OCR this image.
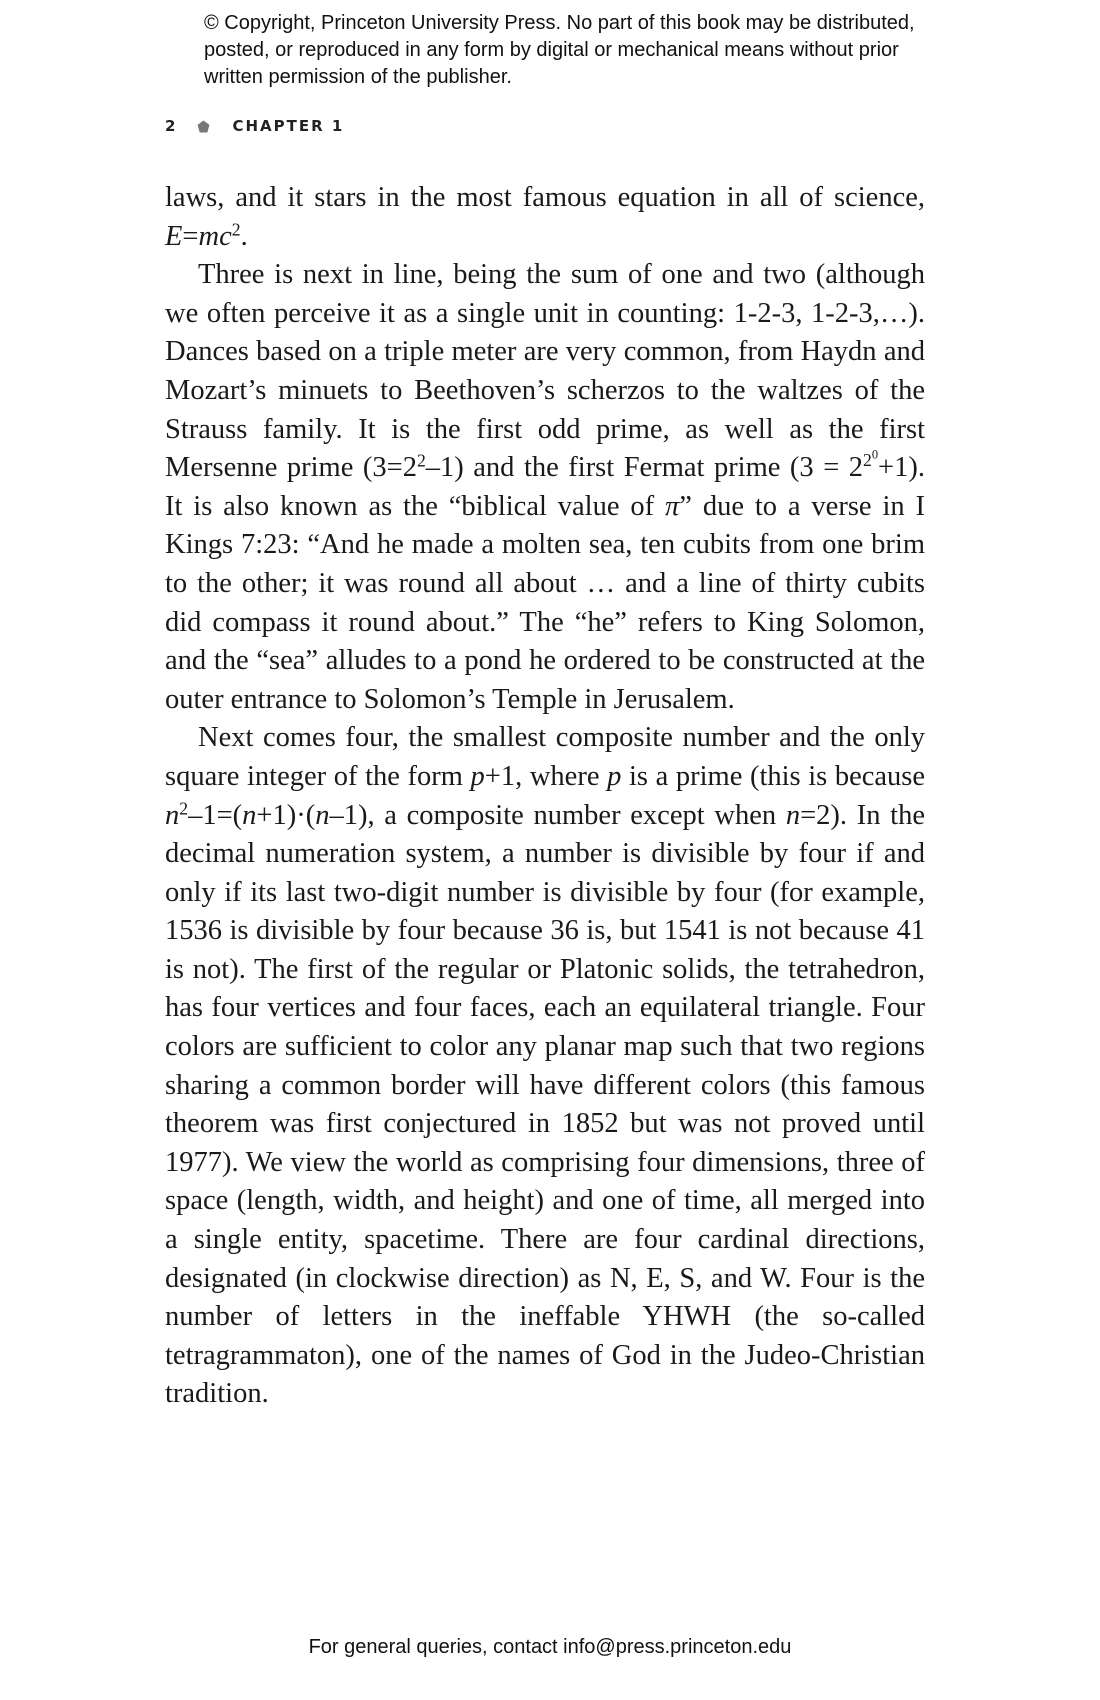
© Copyright, Princeton University Press. No part of this book may be distributed, posted, or reproduced in any form by digital or mechanical means without prior written permission of the publisher.
2	CHAPTER 1

laws, and it stars in the most famous equation in all of science, $E=mc^2$.

Three is next in line, being the sum of one and two (although we often perceive it as a single unit in counting: 1-2-3, 1-2-3,…). Dances based on a triple meter are very common, from Haydn and Mozart’s minuets to Beethoven’s scherzos to the waltzes of the Strauss family. It is the first odd prime, as well as the first Mersenne prime $(3=2^2-1)$ and the first Fermat prime $(3 = 2^{2^0}+1)$. It is also known as the “biblical value of π” due to a verse in I Kings 7:23: “And he made a molten sea, ten cubits from one brim to the other; it was round all about … and a line of thirty cubits did compass it round about.” The “he” refers to King Solomon, and the “sea” alludes to a pond he ordered to be constructed at the outer entrance to Solomon’s Temple in Jerusalem.

Next comes four, the smallest composite number and the only square integer of the form p+1, where p is a prime (this is because $n^2-1=(n+1)\cdot(n-1)$, a composite number except when n=2). In the decimal numeration system, a number is divisible by four if and only if its last two-digit number is divisible by four (for example, 1536 is divisible by four because 36 is, but 1541 is not because 41 is not). The first of the regular or Platonic solids, the tetrahedron, has four vertices and four faces, each an equilateral triangle. Four colors are sufficient to color any planar map such that two regions sharing a common border will have different colors (this famous theorem was first conjectured in 1852 but was not proved until 1977). We view the world as comprising four dimensions, three of space (length, width, and height) and one of time, all merged into a single entity, spacetime. There are four cardinal directions, designated (in clockwise direction) as N, E, S, and W. Four is the number of letters in the ineffable YHWH (the so-called tetragrammaton), one of the names of God in the Judeo-Christian tradition.

For general queries, contact info@press.princeton.edu
